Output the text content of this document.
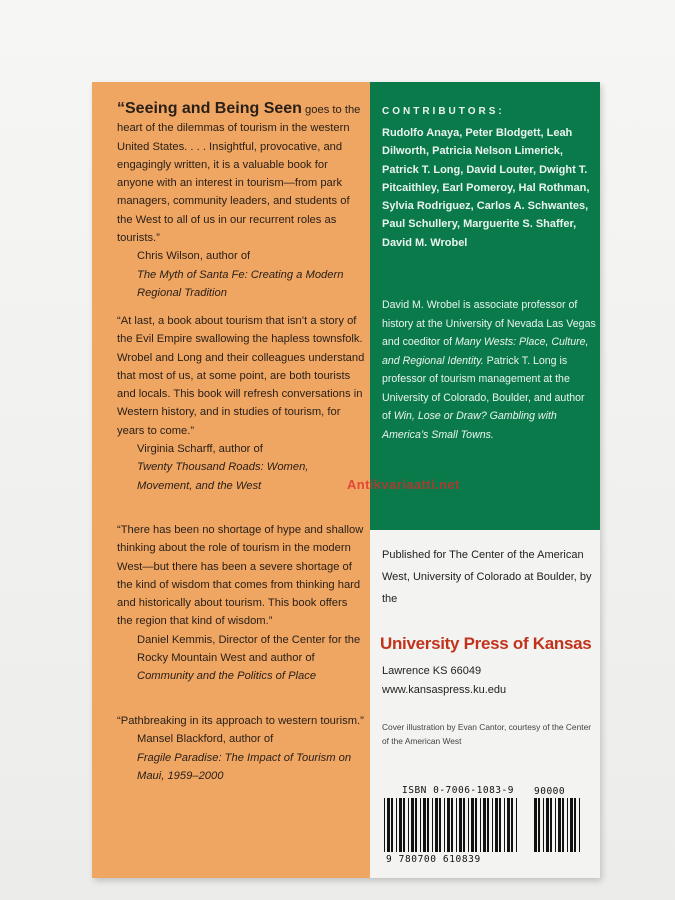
“Seeing and Being Seen goes to the heart of the dilemmas of tourism in the western United States. . . . Insightful, provocative, and engagingly written, it is a valuable book for anyone with an interest in tourism—from park managers, community leaders, and students of the West to all of us in our recurrent roles as tourists.”
Chris Wilson, author of
The Myth of Santa Fe: Creating a Modern Regional Tradition
“At last, a book about tourism that isn’t a story of the Evil Empire swallowing the hapless townsfolk. Wrobel and Long and their colleagues understand that most of us, at some point, are both tourists and locals. This book will refresh conversations in Western history, and in studies of tourism, for years to come.”
Virginia Scharff, author of
Twenty Thousand Roads: Women, Movement, and the West
“There has been no shortage of hype and shallow thinking about the role of tourism in the modern West—but there has been a severe shortage of the kind of wisdom that comes from thinking hard and historically about tourism. This book offers the region that kind of wisdom.”
Daniel Kemmis, Director of the Center for the Rocky Mountain West and author of Community and the Politics of Place
“Pathbreaking in its approach to western tourism.”
Mansel Blackford, author of
Fragile Paradise: The Impact of Tourism on Maui, 1959–2000
CONTRIBUTORS:
Rudolfo Anaya, Peter Blodgett, Leah Dilworth, Patricia Nelson Limerick, Patrick T. Long, David Louter, Dwight T. Pitcaithley, Earl Pomeroy, Hal Rothman, Sylvia Rodriguez, Carlos A. Schwantes, Paul Schullery, Marguerite S. Shaffer, David M. Wrobel
David M. Wrobel is associate professor of history at the University of Nevada Las Vegas and coeditor of Many Wests: Place, Culture, and Regional Identity. Patrick T. Long is professor of tourism management at the University of Colorado, Boulder, and author of Win, Lose or Draw? Gambling with America’s Small Towns.
Published for The Center of the American West, University of Colorado at Boulder, by the
University Press of Kansas
Lawrence KS 66049
www.kansaspress.ku.edu
Cover illustration by Evan Cantor, courtesy of the Center of the American West
ISBN 0-7006-1083-9 90000
9 780700 610839
Antikvariaatti.net
